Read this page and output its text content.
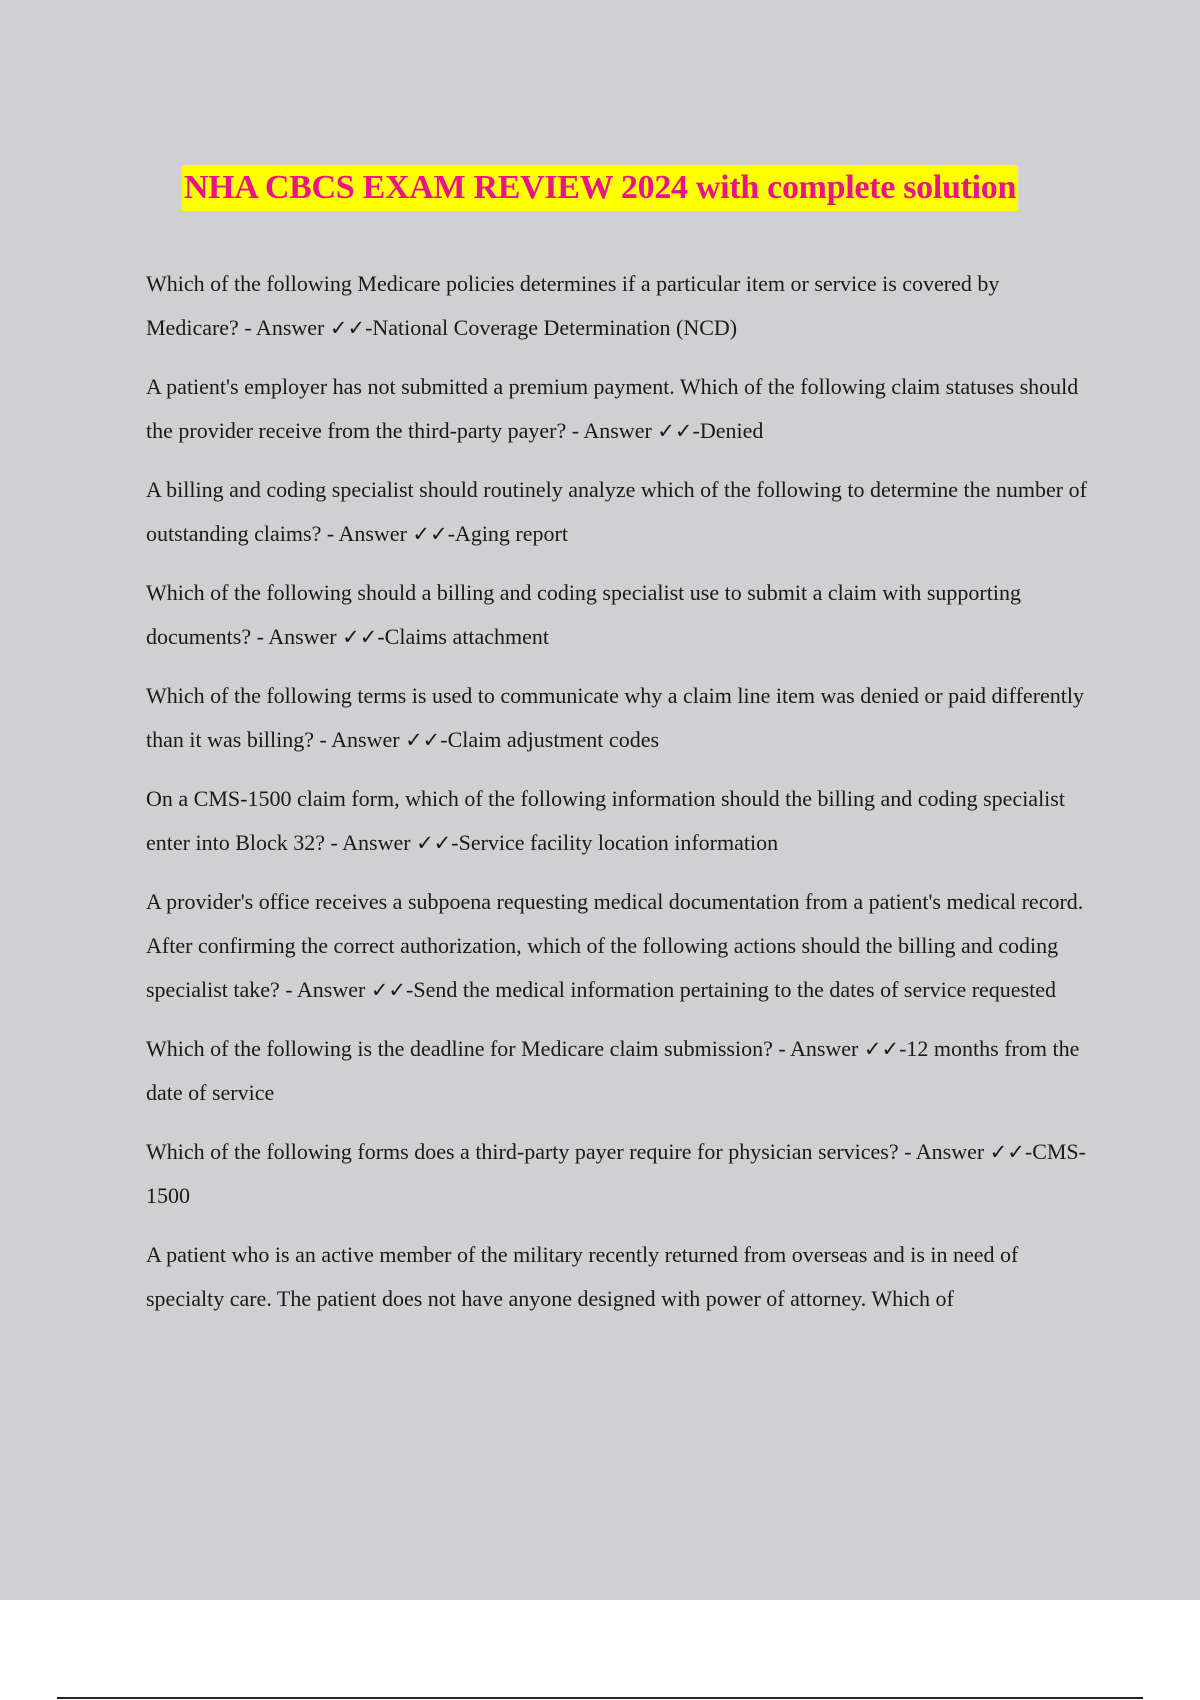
NHA CBCS EXAM REVIEW 2024 with complete solution

Which of the following Medicare policies determines if a particular item or service is covered by Medicare? - Answer ✓✓-National Coverage Determination (NCD)

A patient's employer has not submitted a premium payment. Which of the following claim statuses should the provider receive from the third-party payer? - Answer ✓✓-Denied

A billing and coding specialist should routinely analyze which of the following to determine the number of outstanding claims? - Answer ✓✓-Aging report

Which of the following should a billing and coding specialist use to submit a claim with supporting documents? - Answer ✓✓-Claims attachment

Which of the following terms is used to communicate why a claim line item was denied or paid differently than it was billing? - Answer ✓✓-Claim adjustment codes

On a CMS-1500 claim form, which of the following information should the billing and coding specialist enter into Block 32? - Answer ✓✓-Service facility location information

A provider's office receives a subpoena requesting medical documentation from a patient's medical record. After confirming the correct authorization, which of the following actions should the billing and coding specialist take? - Answer ✓✓-Send the medical information pertaining to the dates of service requested

Which of the following is the deadline for Medicare claim submission? - Answer ✓✓-12 months from the date of service

Which of the following forms does a third-party payer require for physician services? - Answer ✓✓-CMS-1500

A patient who is an active member of the military recently returned from overseas and is in need of specialty care. The patient does not have anyone designed with power of attorney. Which of
